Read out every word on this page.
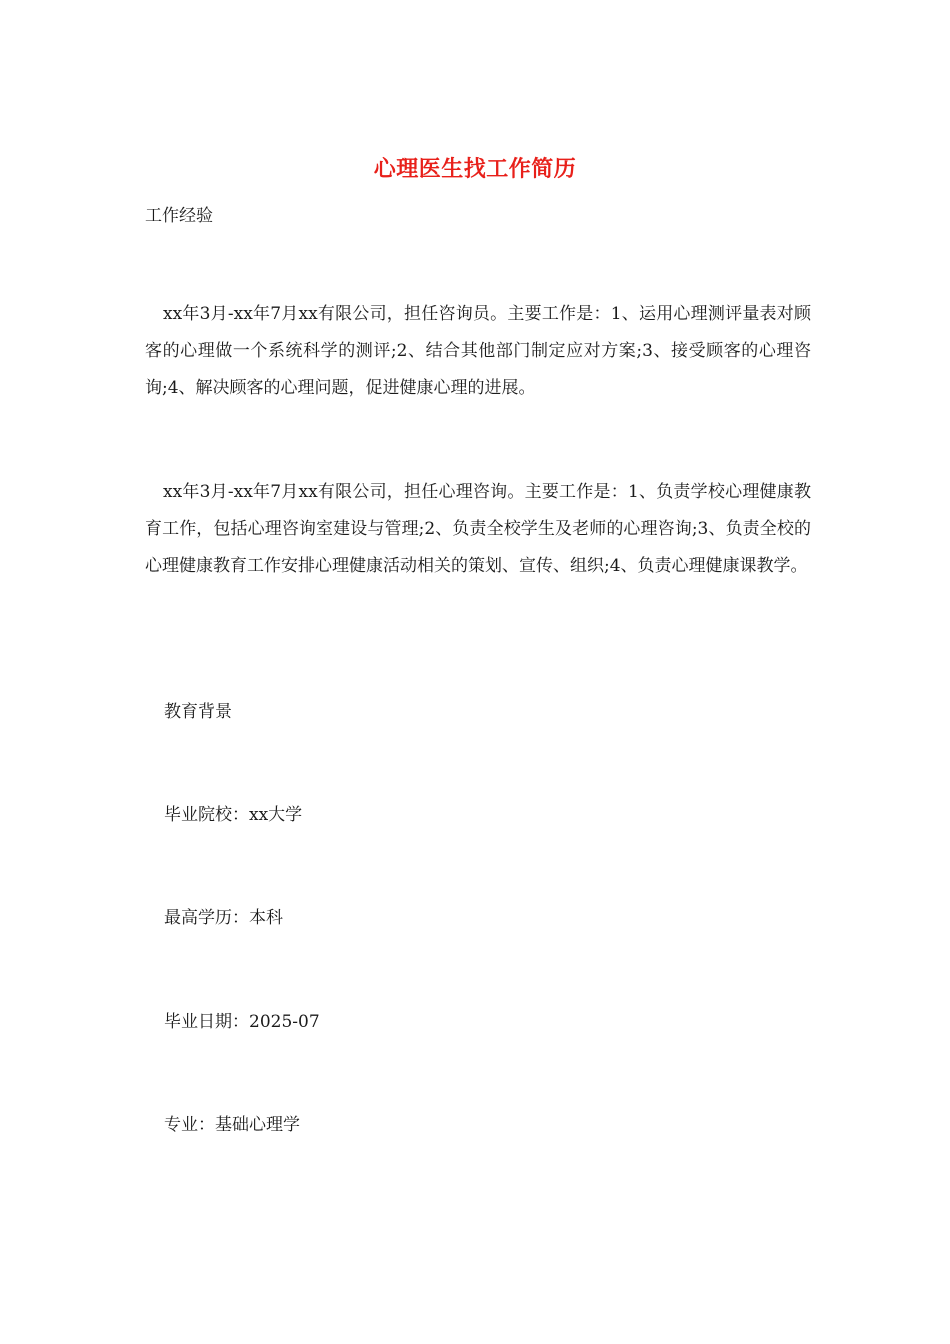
心理医生找工作简历
工作经验
xx年3月-xx年7月xx有限公司，担任咨询员。主要工作是：1、运用心理测评量表对顾客的心理做一个系统科学的测评;2、结合其他部门制定应对方案;3、接受顾客的心理咨询;4、解决顾客的心理问题，促进健康心理的进展。
xx年3月-xx年7月xx有限公司，担任心理咨询。主要工作是：1、负责学校心理健康教育工作，包括心理咨询室建设与管理;2、负责全校学生及老师的心理咨询;3、负责全校的心理健康教育工作安排心理健康活动相关的策划、宣传、组织;4、负责心理健康课教学。
教育背景
毕业院校：xx大学
最高学历：本科
毕业日期：2025-07
专业：基础心理学
